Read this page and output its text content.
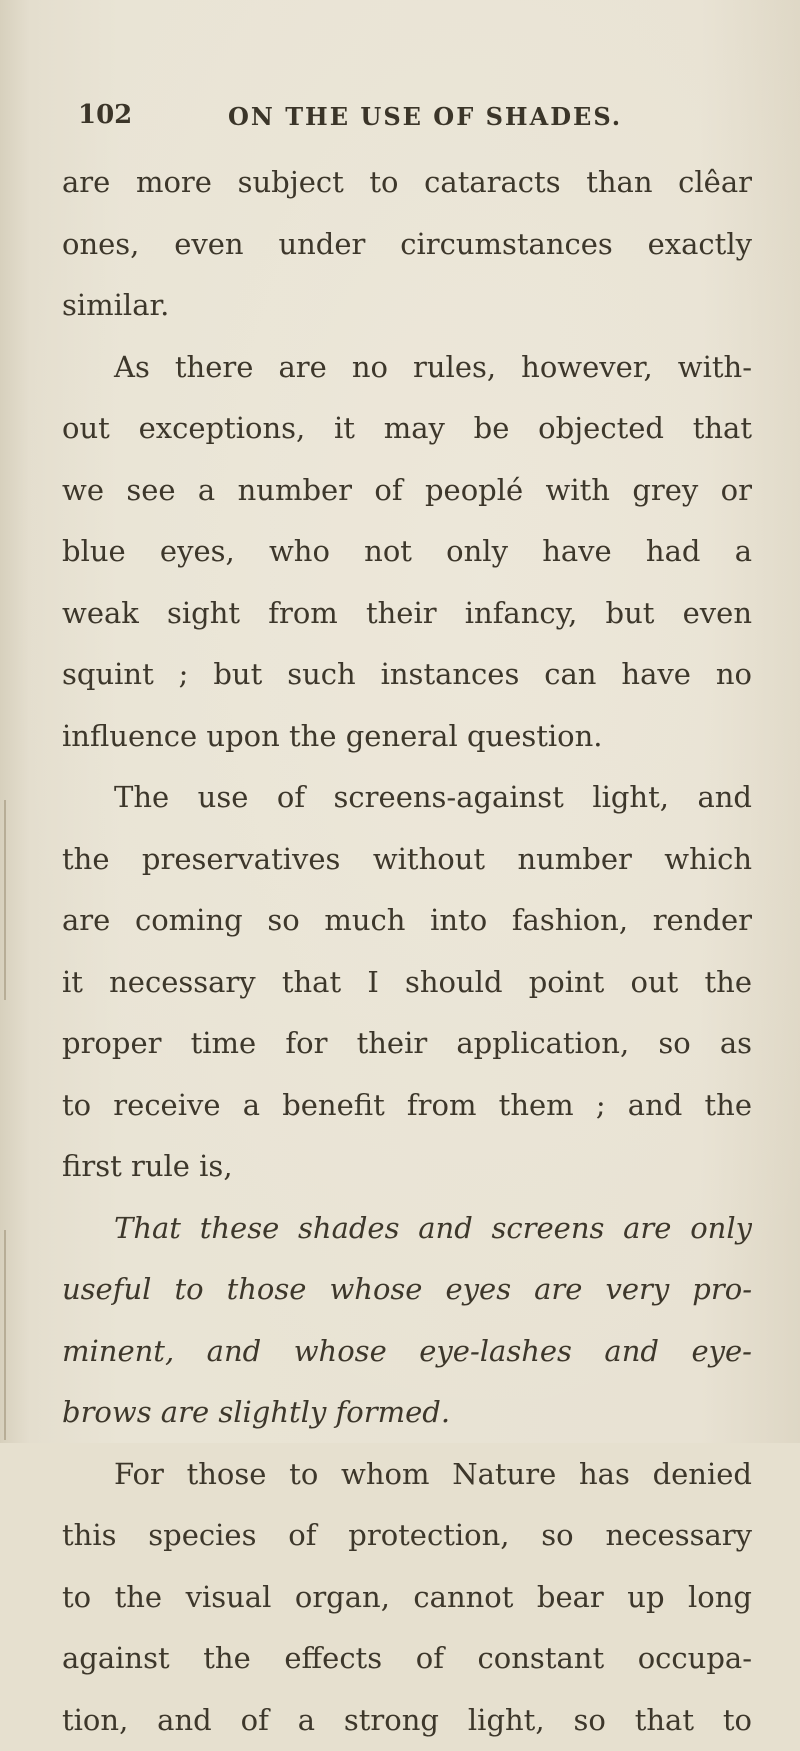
102	ON THE USE OF SHADES.
are more subject to cataracts than clêar
ones, even under circumstances exactly
similar.
As there are no rules, however, with-
out exceptions, it may be objected that
we see a number of peoplé with grey or
blue eyes, who not only have had a
weak sight from their infancy, but even
squint ; but such instances can have no
influence upon the general question.
The use of screens-against light, and
the preservatives without number which
are coming so much into fashion, render
it necessary that I should point out the
proper time for their application, so as
to receive a benefit from them ; and the
first rule is,
That these shades and screens are only
useful to those whose eyes are very pro-
minent, and whose eye-lashes and eye-
brows are slightly formed.
For those to whom Nature has denied
this species of protection, so necessary
to the visual organ, cannot bear up long
against the effects of constant occupa-
tion, and of a strong light, so that to
